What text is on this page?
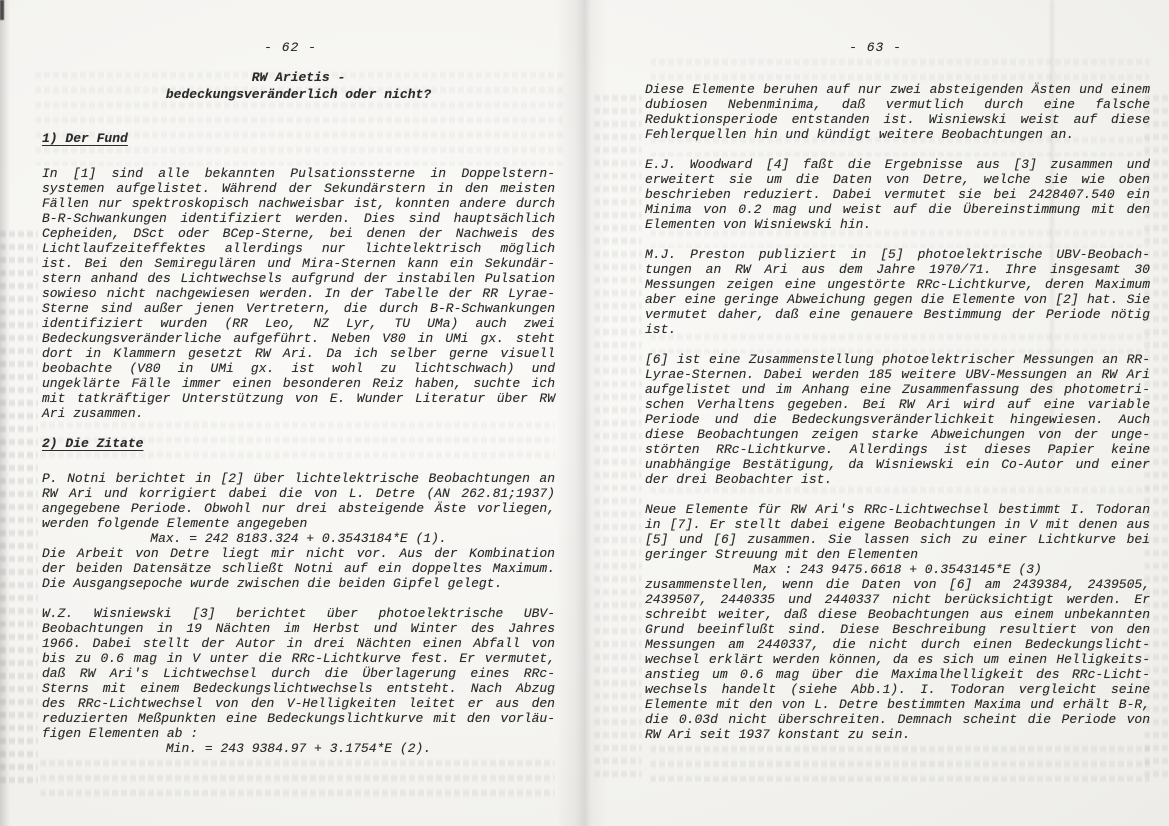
- 62 -
RW Arietis -
bedeckungsveränderlich oder nicht?
1) Der Fund
In [1] sind alle bekannten Pulsationssterne in Doppelstern-
systemen aufgelistet. Während der Sekundärstern in den meisten
Fällen nur spektroskopisch nachweisbar ist, konnten andere durch
B-R-Schwankungen identifiziert werden. Dies sind hauptsächlich
Cepheiden, DSct oder BCep-Sterne, bei denen der Nachweis des
Lichtlaufzeiteffektes allerdings nur lichtelektrisch möglich
ist. Bei den Semiregulären und Mira-Sternen kann ein Sekundär-
stern anhand des Lichtwechsels aufgrund der instabilen Pulsation
sowieso nicht nachgewiesen werden. In der Tabelle der RR Lyrae-
Sterne sind außer jenen Vertretern, die durch B-R-Schwankungen
identifiziert wurden (RR Leo, NZ Lyr, TU UMa) auch zwei
Bedeckungsveränderliche aufgeführt. Neben V80 in UMi gx. steht
dort in Klammern gesetzt RW Ari. Da ich selber gerne visuell
beobachte (V80 in UMi gx. ist wohl zu lichtschwach) und
ungeklärte Fälle immer einen besonderen Reiz haben, suchte ich
mit tatkräftiger Unterstützung von E. Wunder Literatur über RW
Ari zusammen.
2) Die Zitate
P. Notni berichtet in [2] über lichtelektrische Beobachtungen an
RW Ari und korrigiert dabei die von L. Detre (AN 262.81;1937)
angegebene Periode. Obwohl nur drei absteigende Äste vorliegen,
werden folgende Elemente angegeben
Max. = 242 8183.324 + 0.3543184*E (1).
Die Arbeit von Detre liegt mir nicht vor. Aus der Kombination
der beiden Datensätze schließt Notni auf ein doppeltes Maximum.
Die Ausgangsepoche wurde zwischen die beiden Gipfel gelegt.
W.Z. Wisniewski [3] berichtet über photoelektrische UBV-
Beobachtungen in 19 Nächten im Herbst und Winter des Jahres
1966. Dabei stellt der Autor in drei Nächten einen Abfall von
bis zu 0.6 mag in V unter die RRc-Lichtkurve fest. Er vermutet,
daß RW Ari's Lichtwechsel durch die Überlagerung eines RRc-
Sterns mit einem Bedeckungslichtwechsels entsteht. Nach Abzug
des RRc-Lichtwechsel von den V-Helligkeiten leitet er aus den
reduzierten Meßpunkten eine Bedeckungslichtkurve mit den vorläu-
figen Elementen ab :
Min. = 243 9384.97 + 3.1754*E (2).
- 63 -
Diese Elemente beruhen auf nur zwei absteigenden Ästen und einem
dubiosen Nebenminima, daß vermutlich durch eine falsche
Reduktionsperiode entstanden ist. Wisniewski weist auf diese
Fehlerquellen hin und kündigt weitere Beobachtungen an.
E.J. Woodward [4] faßt die Ergebnisse aus [3] zusammen und
erweitert sie um die Daten von Detre, welche sie wie oben
beschrieben reduziert. Dabei vermutet sie bei 2428407.540 ein
Minima von 0.2 mag und weist auf die Übereinstimmung mit den
Elementen von Wisniewski hin.
M.J. Preston publiziert in [5] photoelektrische UBV-Beobach-
tungen an RW Ari aus dem Jahre 1970/71. Ihre insgesamt 30
Messungen zeigen eine ungestörte RRc-Lichtkurve, deren Maximum
aber eine geringe Abweichung gegen die Elemente von [2] hat. Sie
vermutet daher, daß eine genauere Bestimmung der Periode nötig
ist.
[6] ist eine Zusammenstellung photoelektrischer Messungen an RR-
Lyrae-Sternen. Dabei werden 185 weitere UBV-Messungen an RW Ari
aufgelistet und im Anhang eine Zusammenfassung des photometri-
schen Verhaltens gegeben. Bei RW Ari wird auf eine variable
Periode und die Bedeckungsveränderlichkeit hingewiesen. Auch
diese Beobachtungen zeigen starke Abweichungen von der unge-
störten RRc-Lichtkurve. Allerdings ist dieses Papier keine
unabhängige Bestätigung, da Wisniewski ein Co-Autor und einer
der drei Beobachter ist.
Neue Elemente für RW Ari's RRc-Lichtwechsel bestimmt I. Todoran
in [7]. Er stellt dabei eigene Beobachtungen in V mit denen aus
[5] und [6] zusammen. Sie lassen sich zu einer Lichtkurve bei
geringer Streuung mit den Elementen
Max : 243 9475.6618 + 0.3543145*E (3)
zusammenstellen, wenn die Daten von [6] am 2439384, 2439505,
2439507, 2440335 und 2440337 nicht berücksichtigt werden. Er
schreibt weiter, daß diese Beobachtungen aus einem unbekannten
Grund beeinflußt sind. Diese Beschreibung resultiert von den
Messungen am 2440337, die nicht durch einen Bedeckungslicht-
wechsel erklärt werden können, da es sich um einen Helligkeits-
anstieg um 0.6 mag über die Maximalhelligkeit des RRc-Licht-
wechsels handelt (siehe Abb.1). I. Todoran vergleicht seine
Elemente mit den von L. Detre bestimmten Maxima und erhält B-R,
die 0.03d nicht überschreiten. Demnach scheint die Periode von
RW Ari seit 1937 konstant zu sein.
